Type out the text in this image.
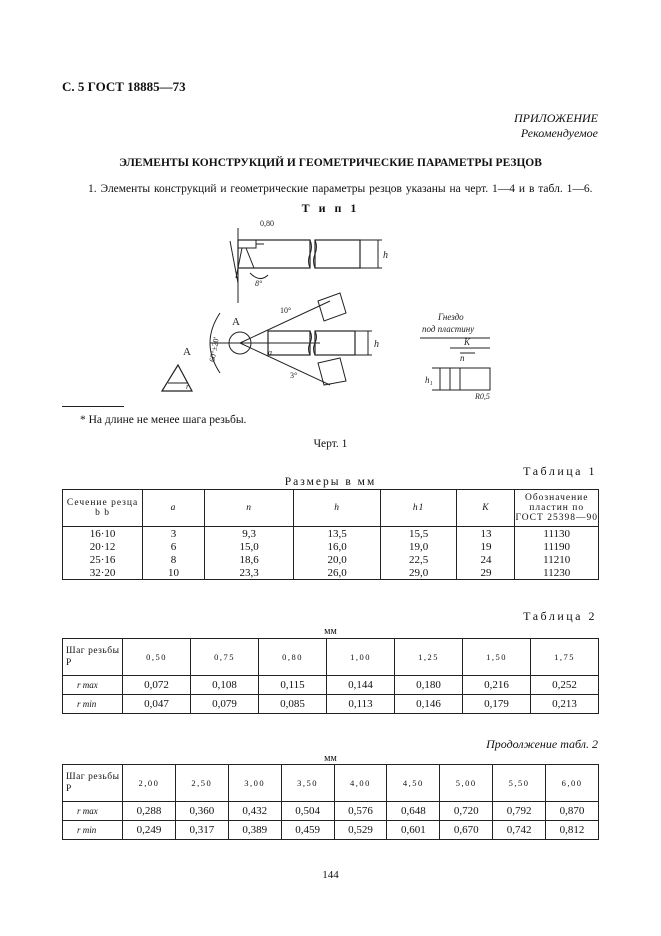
С. 5 ГОСТ 18885—73
ПРИЛОЖЕНИЕ
Рекомендуемое
ЭЛЕМЕНТЫ КОНСТРУКЦИЙ И ГЕОМЕТРИЧЕСКИЕ ПАРАМЕТРЫ РЕЗЦОВ
1. Элементы конструкций и геометрические параметры резцов указаны на черт. 1—4 и в табл. 1—6.
Т и п 1
0,80
h
8°
А
А 60°±20'	h
10°
3°
a
r
Гнездо
под пластину
K
n
h₁
R0,5
* На длине не менее шага резьбы.
Черт. 1
Таблица 1
Размеры в мм
Сечение резца b b	a	n	h	h1	K	Обозначение пластин по ГОСТ 25398—90
16·10	3	9,3	13,5	15,5	13	11130
20·12	6	15,0	16,0	19,0	19	11190
25·16	8	18,6	20,0	22,5	24	11210
32·20	10	23,3	26,0	29,0	29	11230
Таблица 2
мм
Шаг резьбы P	0,50	0,75	0,80	1,00	1,25	1,50	1,75
r max	0,072	0,108	0,115	0,144	0,180	0,216	0,252
r min	0,047	0,079	0,085	0,113	0,146	0,179	0,213
Продолжение табл. 2
мм
Шаг резьбы P	2,00	2,50	3,00	3,50	4,00	4,50	5,00	5,50	6,00
r max	0,288	0,360	0,432	0,504	0,576	0,648	0,720	0,792	0,870
r min	0,249	0,317	0,389	0,459	0,529	0,601	0,670	0,742	0,812
144
